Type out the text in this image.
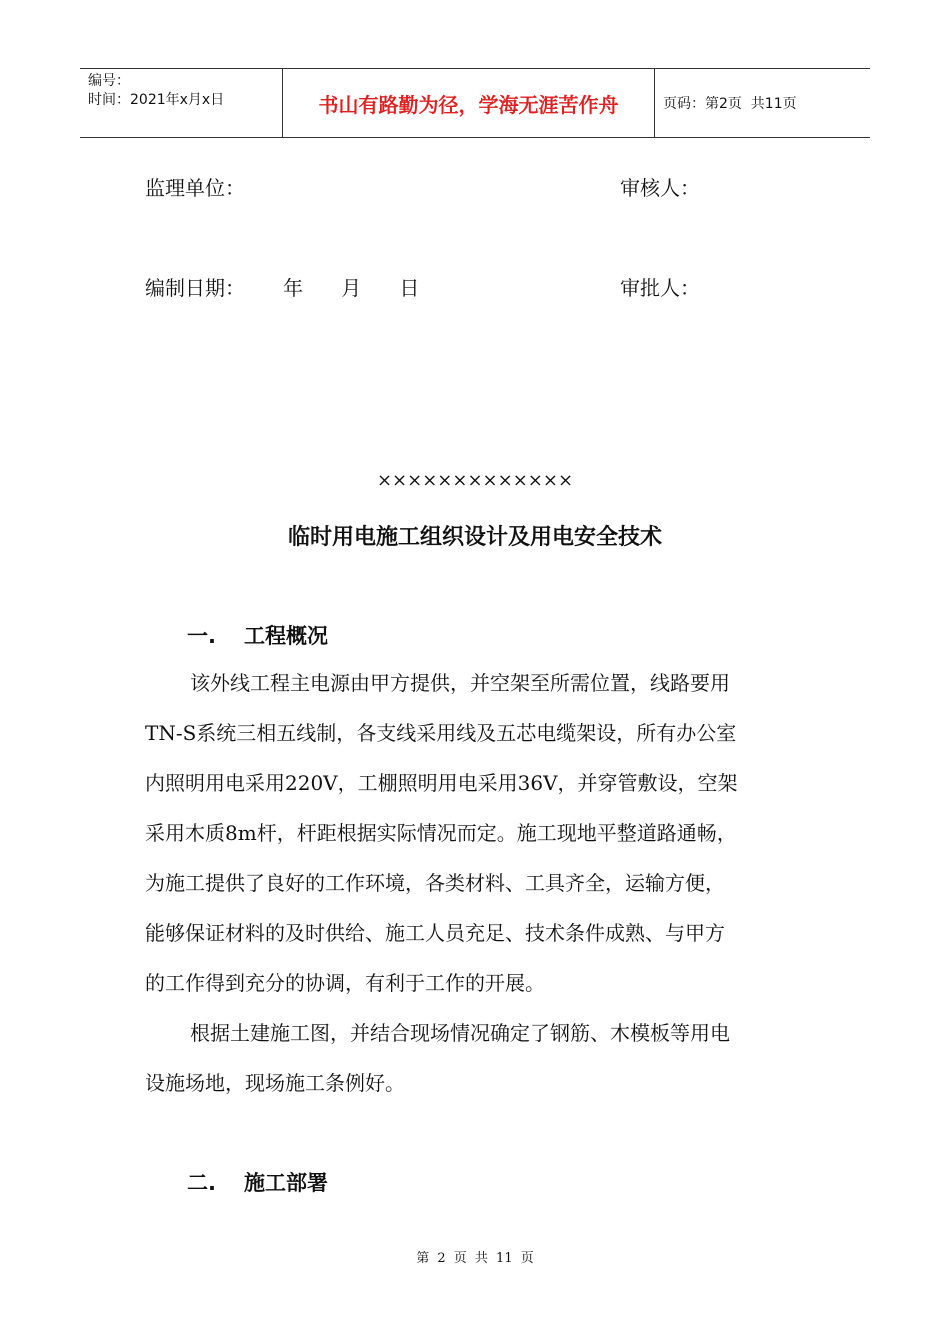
编号：
时间：2021年x月x日	书山有路勤为径，学海无涯苦作舟	页码：第2页  共11页
监理单位：	审核人：
编制日期：      年      月      日	审批人：
×××××××××××××
临时用电施工组织设计及用电安全技术
一.	工程概况
该外线工程主电源由甲方提供，并空架至所需位置，线路要用
TN-S系统三相五线制，各支线采用线及五芯电缆架设，所有办公室
内照明用电采用220V，工棚照明用电采用36V，并穿管敷设，空架
采用木质8m杆，杆距根据实际情况而定。施工现地平整道路通畅，
为施工提供了良好的工作环境，各类材料、工具齐全，运输方便，
能够保证材料的及时供给、施工人员充足、技术条件成熟、与甲方
的工作得到充分的协调，有利于工作的开展。
根据土建施工图，并结合现场情况确定了钢筋、木模板等用电
设施场地，现场施工条例好。
二.	施工部署
第 2 页 共 11 页
